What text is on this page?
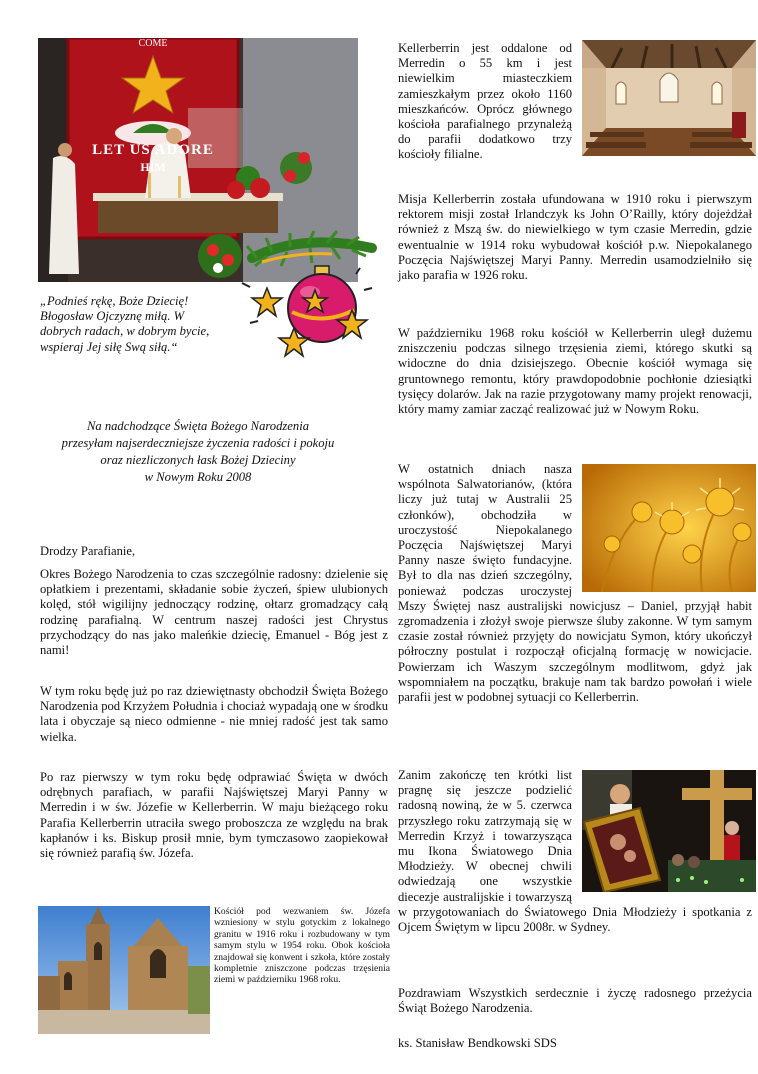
COME
LET US ADORE
HIM
„Podnieś rękę, Boże Dziecię! Błogosław Ojczyznę miłą. W dobrych radach, w dobrym bycie, wspieraj Jej siłę Swą siłą.“
Na nadchodzące Święta Bożego Narodzenia
przesyłam najserdeczniejsze życzenia radości i pokoju
oraz niezliczonych łask Bożej Dzieciny
w Nowym Roku 2008
Drodzy Parafianie,

Okres Bożego Narodzenia to czas szczególnie radosny: dzielenie się opłatkiem i prezentami, składanie sobie życzeń, śpiew ulubionych kolęd, stół wigilijny jednoczący rodzinę, ołtarz gromadzący całą rodzinę parafialną. W centrum naszej radości jest Chrystus przychodzący do nas jako maleńkie dziecię, Emanuel - Bóg jest z nami!

W tym roku będę już po raz dziewiętnasty obchodził Święta Bożego Narodzenia pod Krzyżem Południa i chociaż wypadają one w środku lata i obyczaje są nieco odmienne - nie mniej radość jest tak samo wielka.

Po raz pierwszy w tym roku będę odprawiać Święta w dwóch odrębnych parafiach, w parafii Najświętszej Maryi Panny w Merredin i w św. Józefie w Kellerberrin. W maju bieżącego roku Parafia Kellerberrin utraciła swego proboszcza ze względu na brak kapłanów i ks. Biskup prosił mnie, bym tymczasowo zaopiekował się również parafią św. Józefa.

Kościół pod wezwaniem św. Józefa wzniesiony w stylu gotyckim z lokalnego granitu w 1916 roku i rozbudowany w tym samym stylu w 1954 roku. Obok kościoła znajdował się konwent i szkoła, które zostały kompletnie zniszczone podczas trzęsienia ziemi w październiku 1968 roku.

Kellerberrin jest oddalone od Merredin o 55 km i jest niewielkim miasteczkiem zamieszkałym przez około 1160 mieszkańców. Oprócz głównego kościoła parafialnego przynależą do parafii dodatkowo trzy kościoły filialne.

Misja Kellerberrin została ufundowana w 1910 roku i pierwszym rektorem misji został Irlandczyk ks John O’Railly, który dojeżdżał również z Mszą św. do niewielkiego w tym czasie Merredin, gdzie ewentualnie w 1914 roku wybudował kościół p.w. Niepokalanego Poczęcia Najświętszej Maryi Panny. Merredin usamodzielniło się jako parafia w 1926 roku.

W październiku 1968 roku kościół w Kellerberrin uległ dużemu zniszczeniu podczas silnego trzęsienia ziemi, którego skutki są widoczne do dnia dzisiejszego. Obecnie kościół wymaga się gruntownego remontu, który prawdopodobnie pochłonie dziesiątki tysięcy dolarów. Jak na razie przygotowany mamy projekt renowacji, który mamy zamiar zacząć realizować już w Nowym Roku.

W ostatnich dniach nasza wspólnota Salwatorianów, (która liczy już tutaj w Australii 25 członków), obchodziła w uroczystość Niepokalanego Poczęcia Najświętszej Maryi Panny nasze święto fundacyjne. Był to dla nas dzień szczególny, ponieważ podczas uroczystej Mszy Świętej nasz australijski nowicjusz – Daniel, przyjął habit zgromadzenia i złożył swoje pierwsze śluby zakonne. W tym samym czasie został również przyjęty do nowicjatu Symon, który ukończył półroczny postulat i rozpoczął oficjalną formację w nowicjacie. Powierzam ich Waszym szczególnym modlitwom, gdyż jak wspomniałem na początku, brakuje nam tak bardzo powołań i wiele parafii jest w podobnej sytuacji co Kellerberrin.

Zanim zakończę ten krótki list pragnę się jeszcze podzielić radosną nowiną, że w 5. czerwca przyszłego roku zatrzymają się w Merredin Krzyż i towarzysząca mu Ikona Światowego Dnia Młodzieży. W obecnej chwili odwiedzają one wszystkie diecezje australijskie i towarzyszą w przygotowaniach do Światowego Dnia Młodzieży i spotkania z Ojcem Świętym w lipcu 2008r. w Sydney.

Pozdrawiam Wszystkich serdecznie i życzę radosnego przeżycia Świąt Bożego Narodzenia.

ks. Stanisław Bendkowski SDS
